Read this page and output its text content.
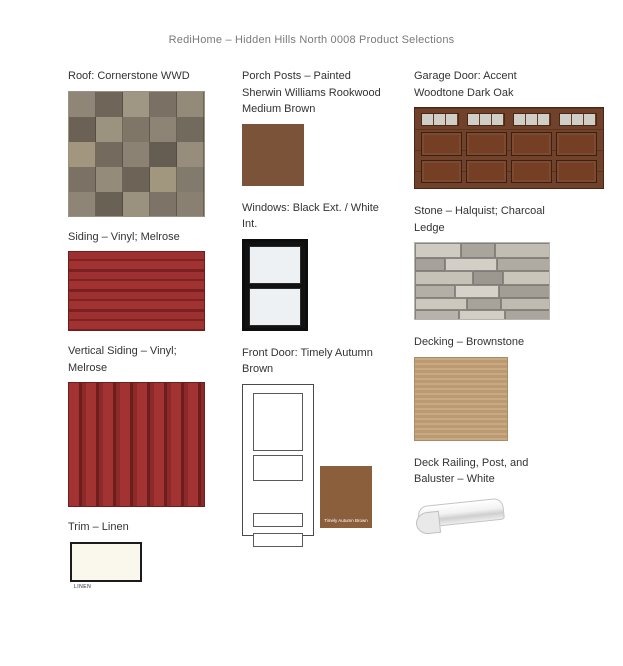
RediHome – Hidden Hills North 0008 Product Selections
Roof: Cornerstone WWD
Siding – Vinyl; Melrose
Vertical Siding – Vinyl; Melrose
Trim – Linen
LINEN
Porch Posts – Painted Sherwin Williams Rookwood Medium Brown
Windows: Black Ext. / White Int.
Front Door: Timely Autumn Brown
Timely Autumn Brown
Garage Door: Accent Woodtone Dark Oak
Stone – Halquist; Charcoal Ledge
Decking – Brownstone
Deck Railing, Post, and Baluster – White
